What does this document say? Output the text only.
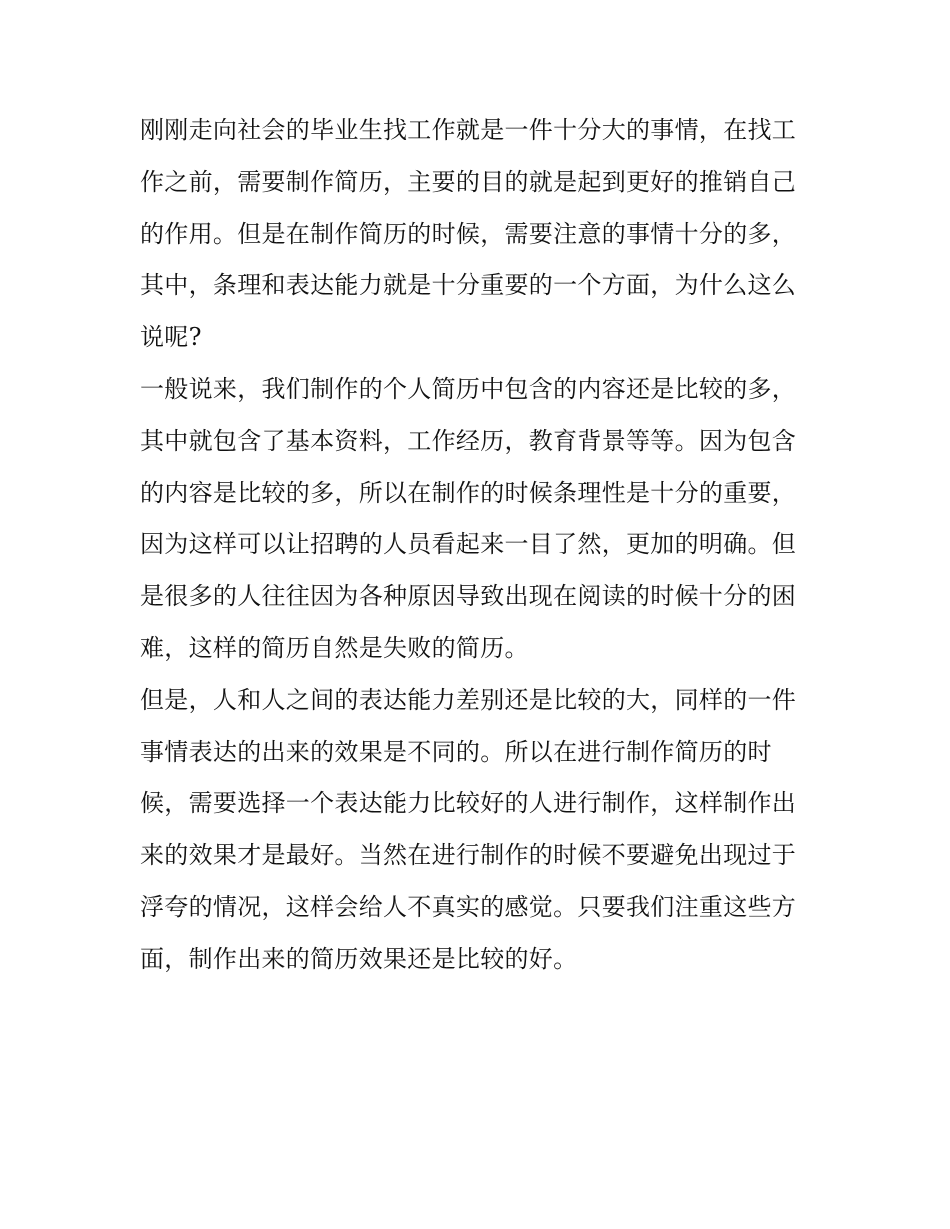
刚刚走向社会的毕业生找工作就是一件十分大的事情，在找工
作之前，需要制作简历，主要的目的就是起到更好的推销自己
的作用。但是在制作简历的时候，需要注意的事情十分的多，
其中，条理和表达能力就是十分重要的一个方面，为什么这么
说呢?

一般说来，我们制作的个人简历中包含的内容还是比较的多，
其中就包含了基本资料，工作经历，教育背景等等。因为包含
的内容是比较的多，所以在制作的时候条理性是十分的重要，
因为这样可以让招聘的人员看起来一目了然，更加的明确。但
是很多的人往往因为各种原因导致出现在阅读的时候十分的困
难，这样的简历自然是失败的简历。

但是，人和人之间的表达能力差别还是比较的大，同样的一件
事情表达的出来的效果是不同的。所以在进行制作简历的时
候，需要选择一个表达能力比较好的人进行制作，这样制作出
来的效果才是最好。当然在进行制作的时候不要避免出现过于
浮夸的情况，这样会给人不真实的感觉。只要我们注重这些方
面，制作出来的简历效果还是比较的好。
